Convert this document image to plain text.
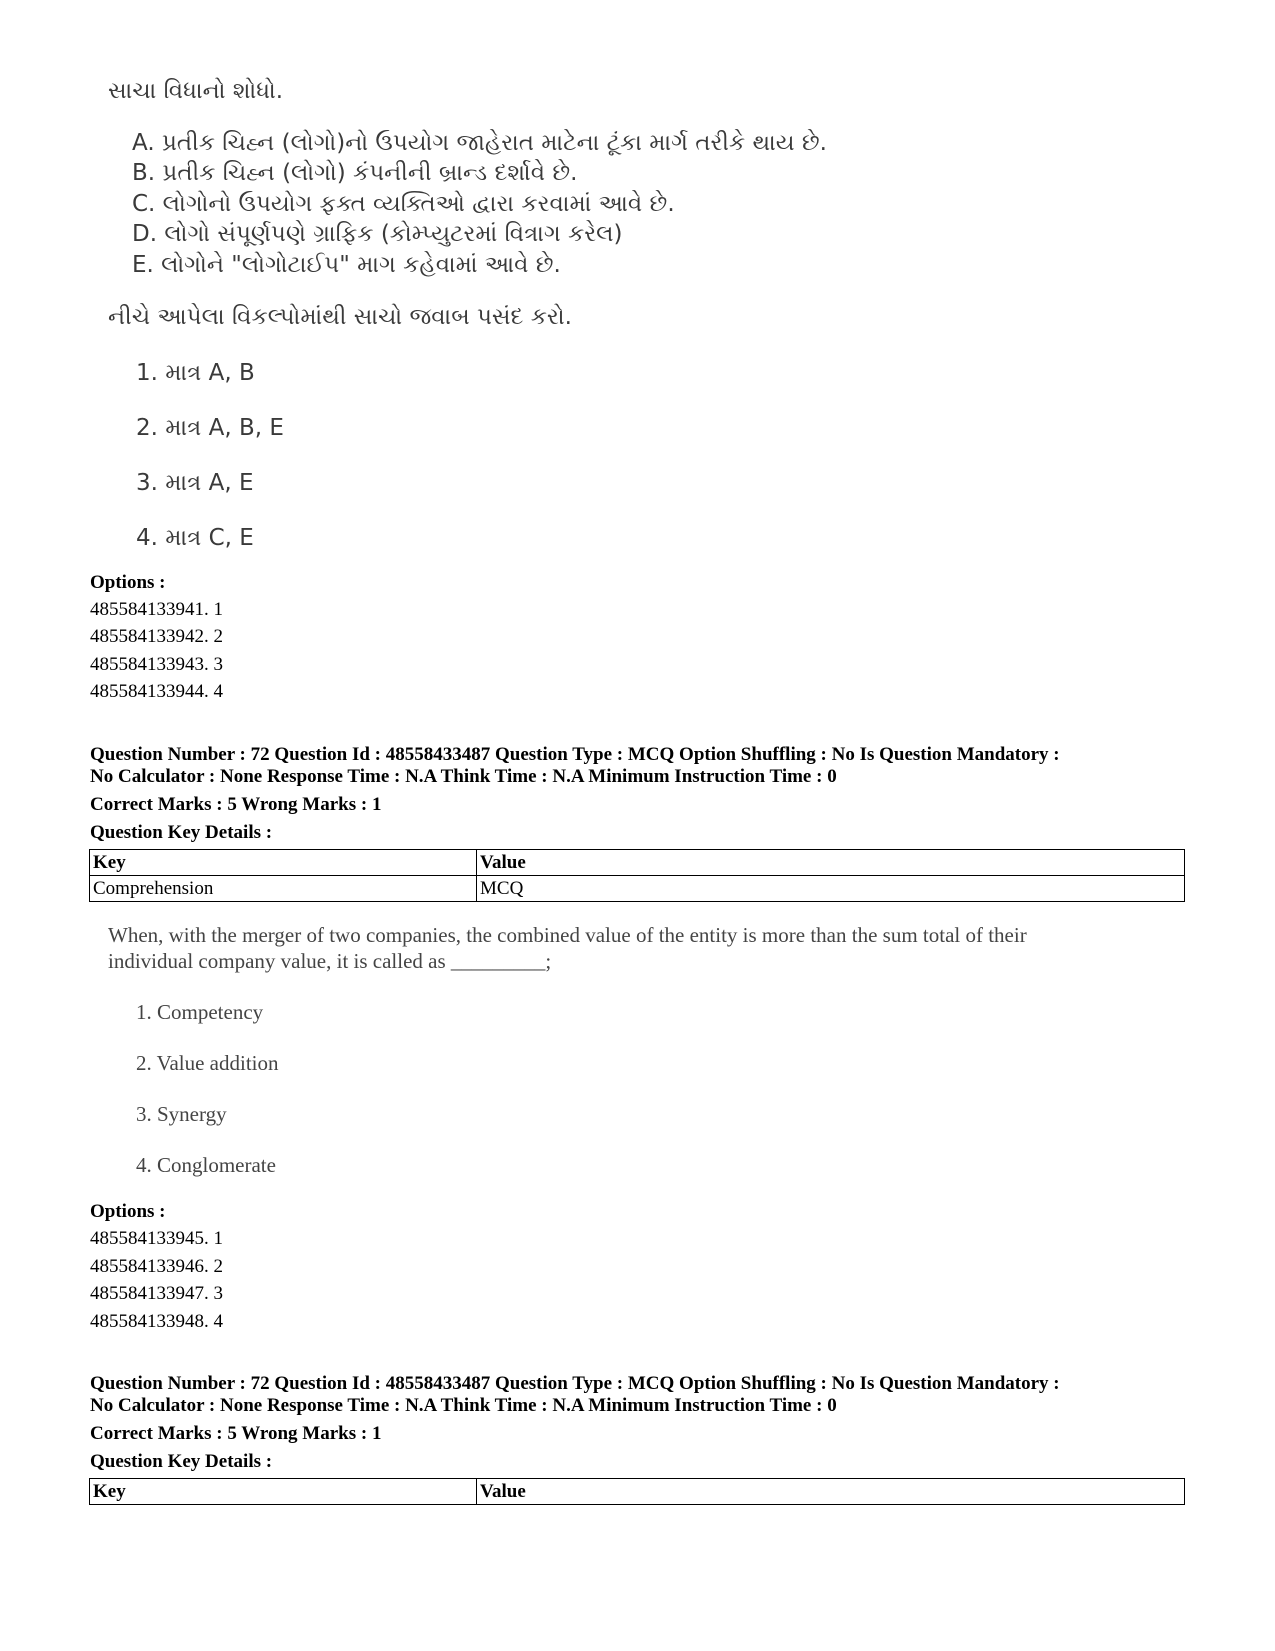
સાચા વિધાનો શોધો.
A. પ્રતીક ચિહ્ન (લોગો)નો ઉપયોગ જાહેરાત માટેના ટૂંકા માર્ગ તરીકે થાય છે.
B. પ્રતીક ચિહ્ન (લોગો) કંપનીની બ્રાન્ડ દર્શાવે છે.
C. લોગોનો ઉપયોગ ફક્ત વ્યક્તિઓ દ્વારા કરવામાં આવે છે.
D. લોગો સંપૂર્ણપણે ગ્રાફિક (કોમ્પ્યુટરમાં વિત્રાગ કરેલ)
E. લોગોને "લોગોટાઈપ" માગ કહેવામાં આવે છે.
નીચે આપેલા વિકલ્પોમાંથી સાચો જવાબ પસંદ કરો.
1. માત્ર A, B
2. માત્ર A, B, E
3. માત્ર A, E
4. માત્ર C, E
Options :
485584133941. 1
485584133942. 2
485584133943. 3
485584133944. 4
Question Number : 72 Question Id : 48558433487 Question Type : MCQ Option Shuffling : No Is Question Mandatory :
No Calculator : None Response Time : N.A Think Time : N.A Minimum Instruction Time : 0
Correct Marks : 5 Wrong Marks : 1
Question Key Details :
Key	Value
Comprehension	MCQ
When, with the merger of two companies, the combined value of the entity is more than the sum total of their
individual company value, it is called as _________;
1. Competency
2. Value addition
3. Synergy
4. Conglomerate
Options :
485584133945. 1
485584133946. 2
485584133947. 3
485584133948. 4
Question Number : 72 Question Id : 48558433487 Question Type : MCQ Option Shuffling : No Is Question Mandatory :
No Calculator : None Response Time : N.A Think Time : N.A Minimum Instruction Time : 0
Correct Marks : 5 Wrong Marks : 1
Question Key Details :
Key	Value
